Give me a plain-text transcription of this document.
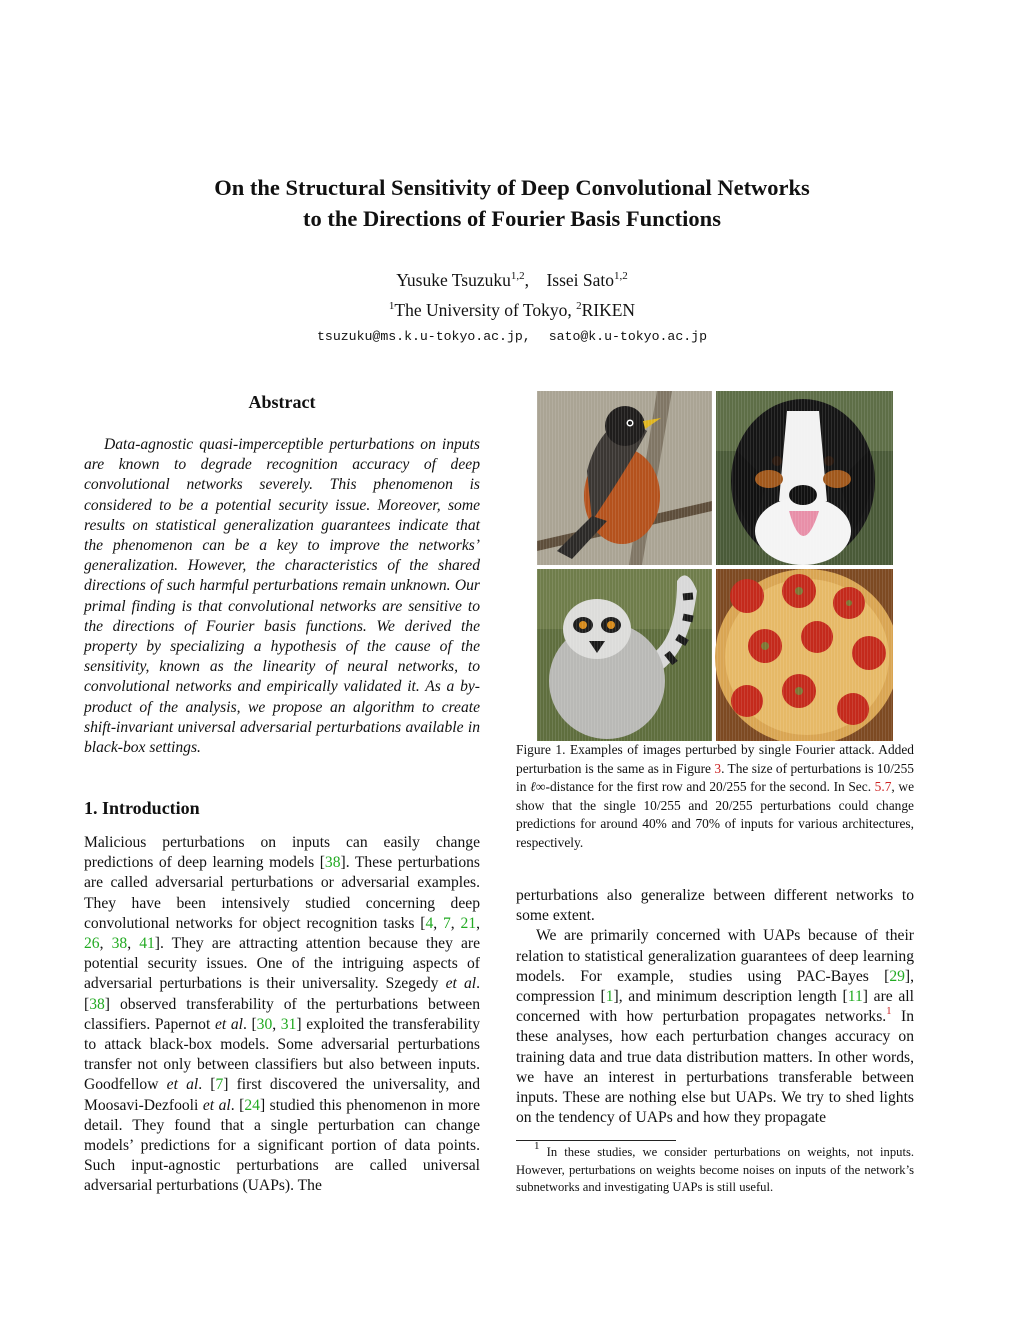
On the Structural Sensitivity of Deep Convolutional Networks
to the Directions of Fourier Basis Functions
Yusuke Tsuzuku$^{1,2}$,    Issei Sato$^{1,2}$
$^1$The University of Tokyo, $^2$RIKEN
tsuzuku@ms.k.u-tokyo.ac.jp, sato@k.u-tokyo.ac.jp
Abstract

Data-agnostic quasi-imperceptible perturbations on inputs are known to degrade recognition accuracy of deep convolutional networks severely. This phenomenon is considered to be a potential security issue. Moreover, some results on statistical generalization guarantees indicate that the phenomenon can be a key to improve the networks’ generalization. However, the characteristics of the shared directions of such harmful perturbations remain unknown. Our primal finding is that convolutional networks are sensitive to the directions of Fourier basis functions. We derived the property by specializing a hypothesis of the cause of the sensitivity, known as the linearity of neural networks, to convolutional networks and empirically validated it. As a by-product of the analysis, we propose an algorithm to create shift-invariant universal adversarial perturbations available in black-box settings.

1. Introduction

Malicious perturbations on inputs can easily change predictions of deep learning models [38]. These perturbations are called adversarial perturbations or adversarial examples. They have been intensively studied concerning deep convolutional networks for object recognition tasks [4, 7, 21, 26, 38, 41]. They are attracting attention because they are potential security issues. One of the intriguing aspects of adversarial perturbations is their universality. Szegedy et al. [38] observed transferability of the perturbations between classifiers. Papernot et al. [30, 31] exploited the transferability to attack black-box models. Some adversarial perturbations transfer not only between classifiers but also between inputs. Goodfellow et al. [7] first discovered the universality, and Moosavi-Dezfooli et al. [24] studied this phenomenon in more detail. They found that a single perturbation can change models’ predictions for a significant portion of data points. Such input-agnostic perturbations are called universal adversarial perturbations (UAPs). The

Figure 1. Examples of images perturbed by single Fourier attack. Added perturbation is the same as in Figure 3. The size of perturbations is 10/255 in ℓ∞-distance for the first row and 20/255 for the second. In Sec. 5.7, we show that the single 10/255 and 20/255 perturbations could change predictions for around 40% and 70% of inputs for various architectures, respectively.

perturbations also generalize between different networks to some extent.

We are primarily concerned with UAPs because of their relation to statistical generalization guarantees of deep learning models. For example, studies using PAC-Bayes [29], compression [1], and minimum description length [11] are all concerned with how perturbation propagates networks.$^1$ In these analyses, how each perturbation changes accuracy on training data and true data distribution matters. In other words, we have an interest in perturbations transferable between inputs. These are nothing else but UAPs. We try to shed lights on the tendency of UAPs and how they propagate

$^1$ In these studies, we consider perturbations on weights, not inputs. However, perturbations on weights become noises on inputs of the network’s subnetworks and investigating UAPs is still useful.
